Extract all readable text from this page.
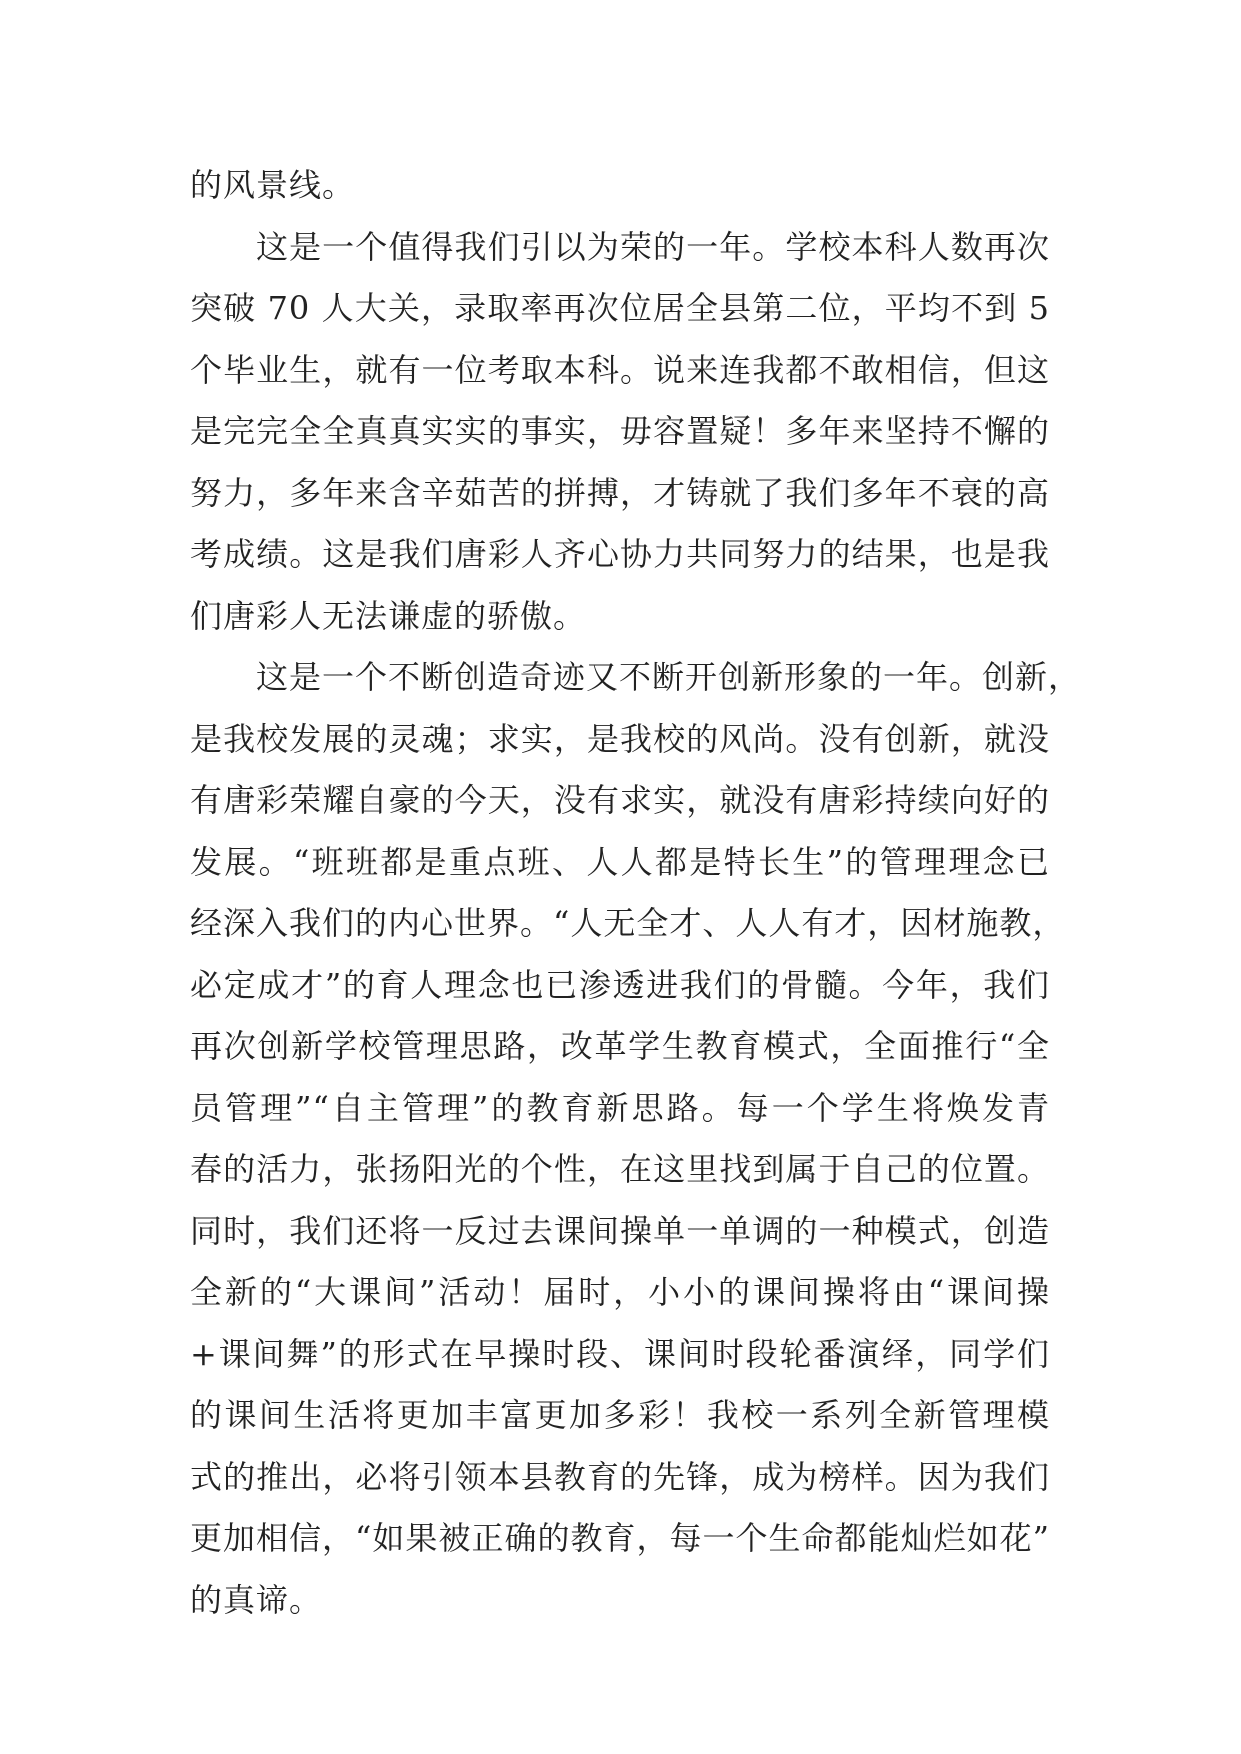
的风景线。
这是一个值得我们引以为荣的一年。学校本科人数再次
突破 70 人大关，录取率再次位居全县第二位，平均不到 5
个毕业生，就有一位考取本科。说来连我都不敢相信，但这
是完完全全真真实实的事实，毋容置疑！多年来坚持不懈的
努力，多年来含辛茹苦的拼搏，才铸就了我们多年不衰的高
考成绩。这是我们唐彩人齐心协力共同努力的结果，也是我
们唐彩人无法谦虚的骄傲。
这是一个不断创造奇迹又不断开创新形象的一年。创新，
是我校发展的灵魂；求实，是我校的风尚。没有创新，就没
有唐彩荣耀自豪的今天，没有求实，就没有唐彩持续向好的
发展。“班班都是重点班、人人都是特长生”的管理理念已
经深入我们的内心世界。“人无全才、人人有才，因材施教，
必定成才”的育人理念也已渗透进我们的骨髓。今年，我们
再次创新学校管理思路，改革学生教育模式，全面推行“全
员管理”“自主管理”的教育新思路。每一个学生将焕发青
春的活力，张扬阳光的个性，在这里找到属于自己的位置。
同时，我们还将一反过去课间操单一单调的一种模式，创造
全新的“大课间”活动！届时，小小的课间操将由“课间操
+课间舞”的形式在早操时段、课间时段轮番演绎，同学们
的课间生活将更加丰富更加多彩！我校一系列全新管理模
式的推出，必将引领本县教育的先锋，成为榜样。因为我们
更加相信，“如果被正确的教育，每一个生命都能灿烂如花”
的真谛。
